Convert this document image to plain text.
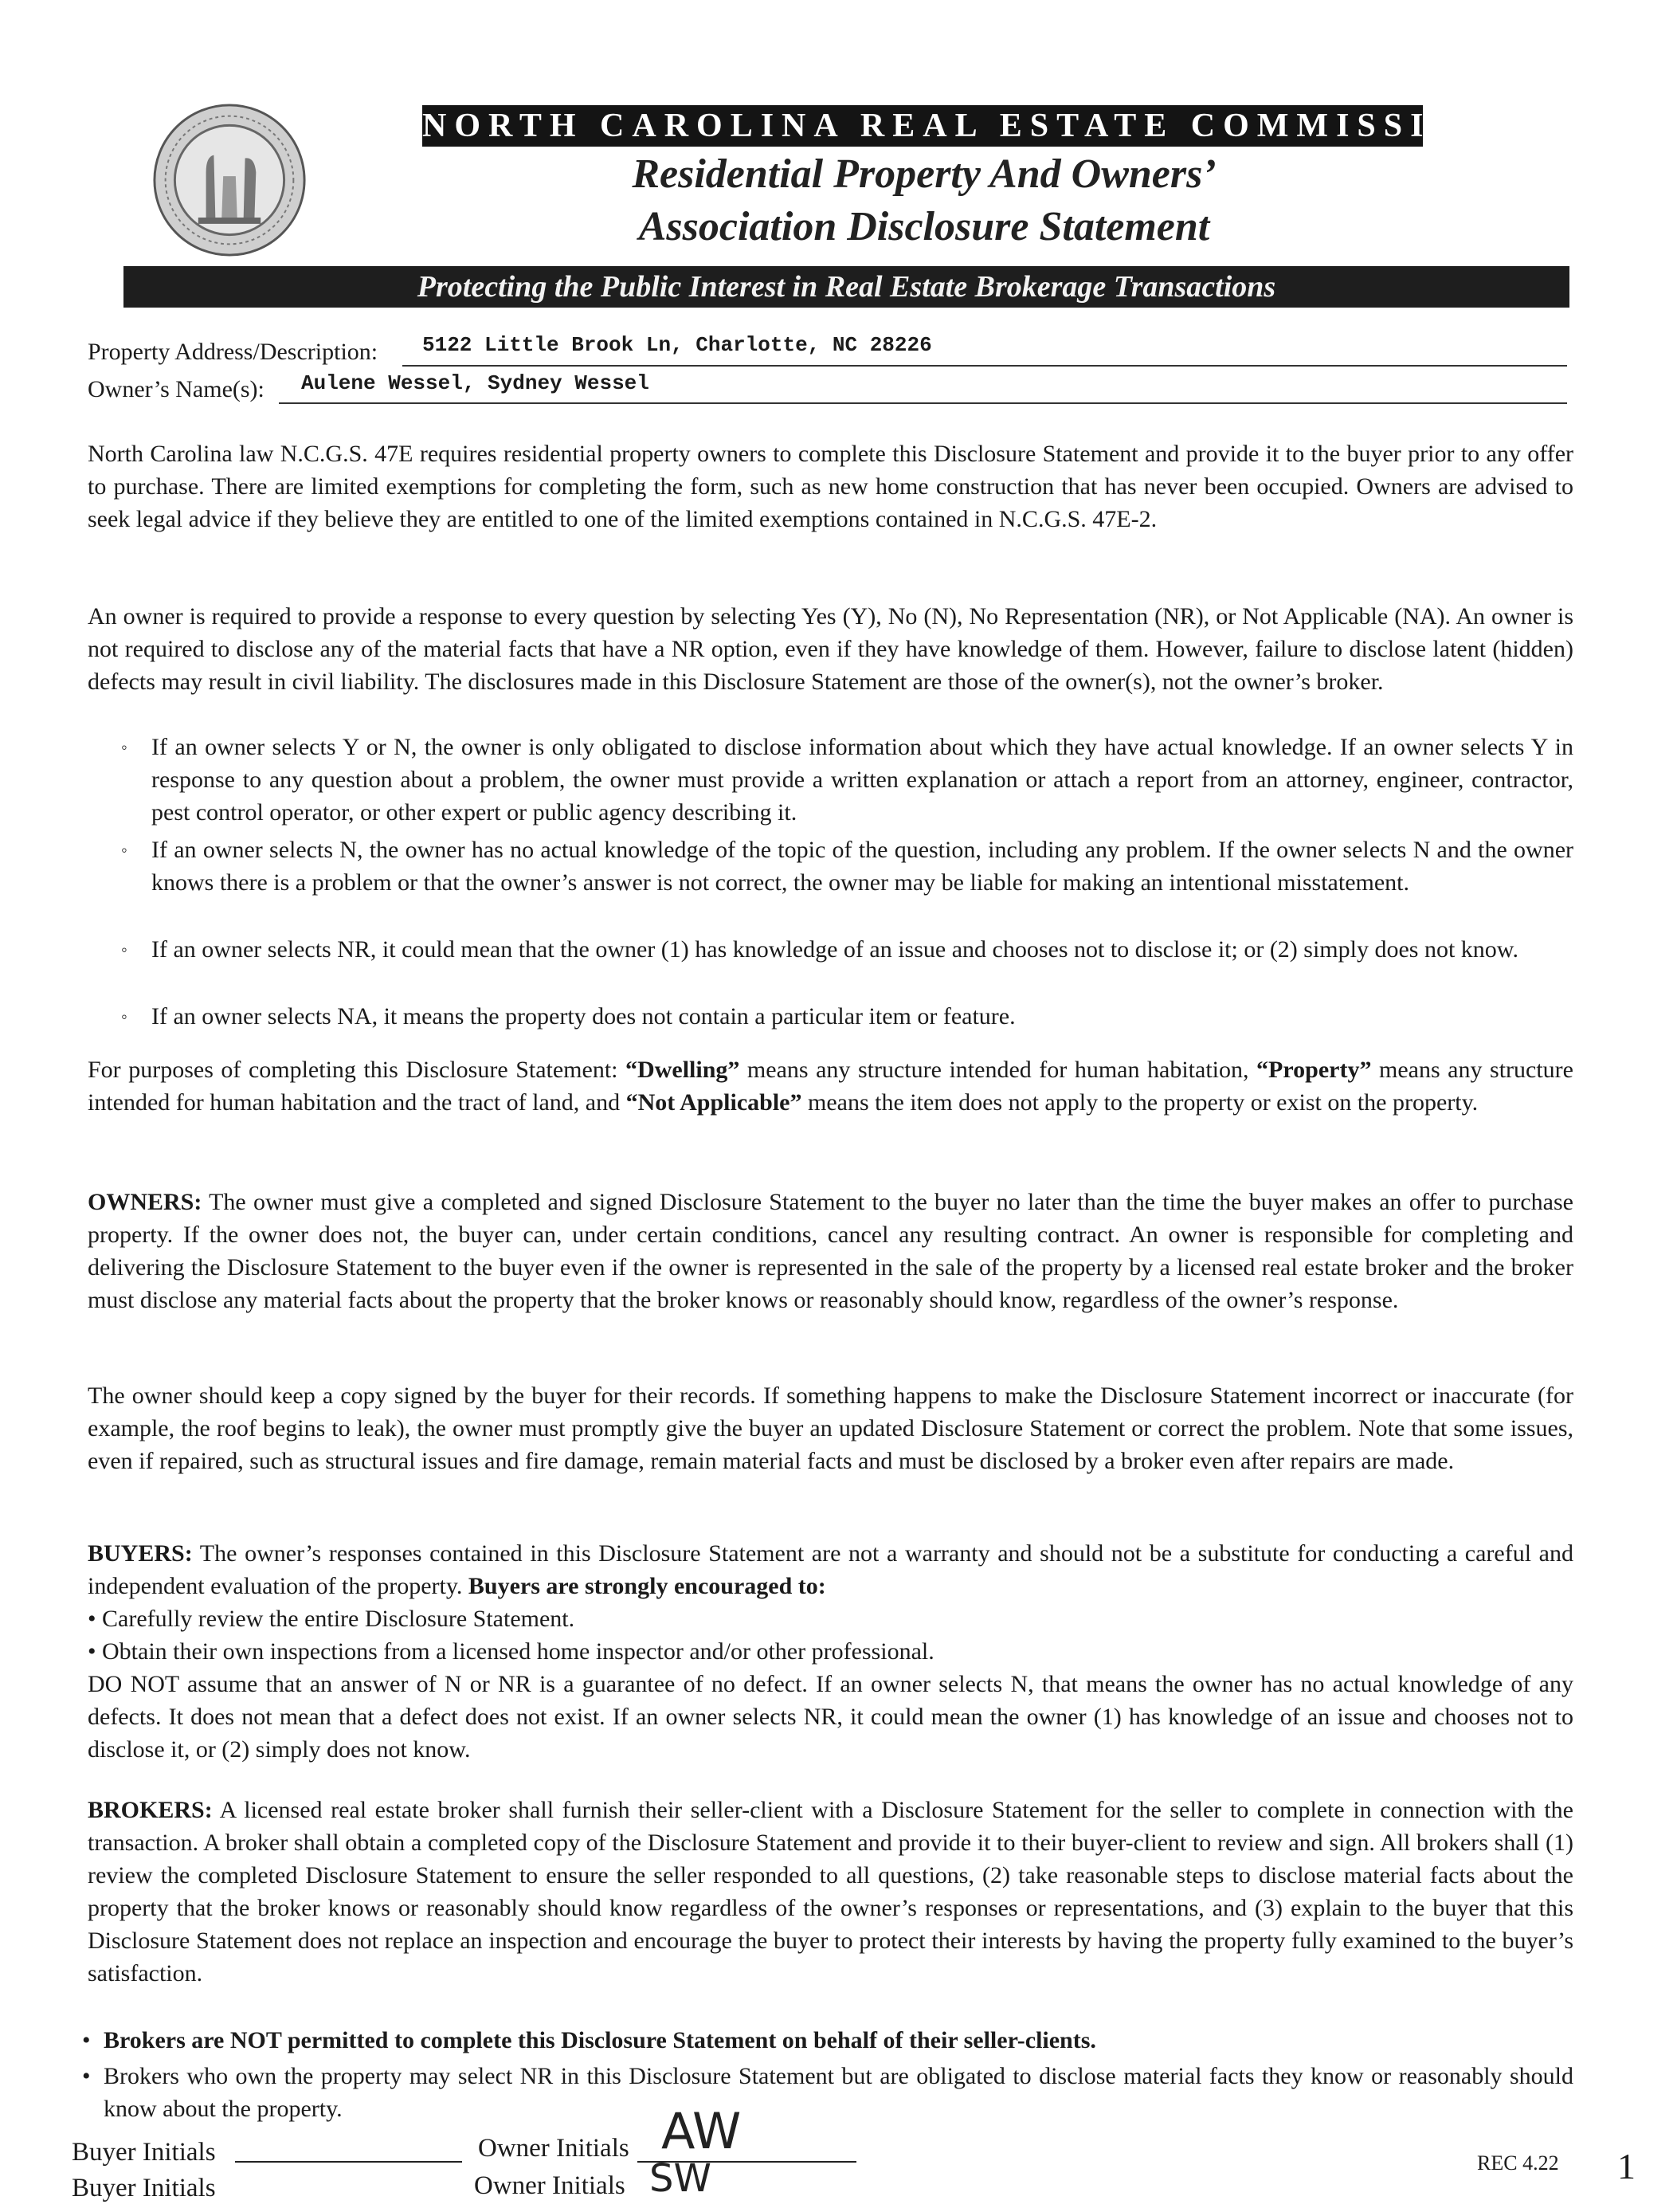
NORTH CAROLINA REAL ESTATE COMMISSION
Residential Property And Owners’
Association Disclosure Statement
Protecting the Public Interest in Real Estate Brokerage Transactions
Property Address/Description: 5122 Little Brook Ln, Charlotte, NC 28226
Owner’s Name(s): Aulene Wessel, Sydney Wessel
North Carolina law N.C.G.S. 47E requires residential property owners to complete this Disclosure Statement and provide it to the buyer prior to any offer to purchase. There are limited exemptions for completing the form, such as new home construction that has never been occupied. Owners are advised to seek legal advice if they believe they are entitled to one of the limited exemptions contained in N.C.G.S. 47E-2.
An owner is required to provide a response to every question by selecting Yes (Y), No (N), No Representation (NR), or Not Applicable (NA). An owner is not required to disclose any of the material facts that have a NR option, even if they have knowledge of them. However, failure to disclose latent (hidden) defects may result in civil liability. The disclosures made in this Disclosure Statement are those of the owner(s), not the owner’s broker.
◦ If an owner selects Y or N, the owner is only obligated to disclose information about which they have actual knowledge. If an owner selects Y in response to any question about a problem, the owner must provide a written explanation or attach a report from an attorney, engineer, contractor, pest control operator, or other expert or public agency describing it.
◦ If an owner selects N, the owner has no actual knowledge of the topic of the question, including any problem. If the owner selects N and the owner knows there is a problem or that the owner’s answer is not correct, the owner may be liable for making an intentional misstatement.
◦ If an owner selects NR, it could mean that the owner (1) has knowledge of an issue and chooses not to disclose it; or (2) simply does not know.
◦ If an owner selects NA, it means the property does not contain a particular item or feature.
For purposes of completing this Disclosure Statement: “Dwelling” means any structure intended for human habitation, “Property” means any structure intended for human habitation and the tract of land, and “Not Applicable” means the item does not apply to the property or exist on the property.
OWNERS: The owner must give a completed and signed Disclosure Statement to the buyer no later than the time the buyer makes an offer to purchase property. If the owner does not, the buyer can, under certain conditions, cancel any resulting contract. An owner is responsible for completing and delivering the Disclosure Statement to the buyer even if the owner is represented in the sale of the property by a licensed real estate broker and the broker must disclose any material facts about the property that the broker knows or reasonably should know, regardless of the owner’s response.
The owner should keep a copy signed by the buyer for their records. If something happens to make the Disclosure Statement incorrect or inaccurate (for example, the roof begins to leak), the owner must promptly give the buyer an updated Disclosure Statement or correct the problem. Note that some issues, even if repaired, such as structural issues and fire damage, remain material facts and must be disclosed by a broker even after repairs are made.
BUYERS: The owner’s responses contained in this Disclosure Statement are not a warranty and should not be a substitute for conducting a careful and independent evaluation of the property. Buyers are strongly encouraged to:
• Carefully review the entire Disclosure Statement.
• Obtain their own inspections from a licensed home inspector and/or other professional.
DO NOT assume that an answer of N or NR is a guarantee of no defect. If an owner selects N, that means the owner has no actual knowledge of any defects. It does not mean that a defect does not exist. If an owner selects NR, it could mean the owner (1) has knowledge of an issue and chooses not to disclose it, or (2) simply does not know.
BROKERS: A licensed real estate broker shall furnish their seller-client with a Disclosure Statement for the seller to complete in connection with the transaction. A broker shall obtain a completed copy of the Disclosure Statement and provide it to their buyer-client to review and sign. All brokers shall (1) review the completed Disclosure Statement to ensure the seller responded to all questions, (2) take reasonable steps to disclose material facts about the property that the broker knows or reasonably should know regardless of the owner’s responses or representations, and (3) explain to the buyer that this Disclosure Statement does not replace an inspection and encourage the buyer to protect their interests by having the property fully examined to the buyer’s satisfaction.
• Brokers are NOT permitted to complete this Disclosure Statement on behalf of their seller-clients.
• Brokers who own the property may select NR in this Disclosure Statement but are obligated to disclose material facts they know or reasonably should know about the property.
Buyer Initials
Buyer Initials
Owner Initials AW
Owner Initials SW	REC 4.22 1
